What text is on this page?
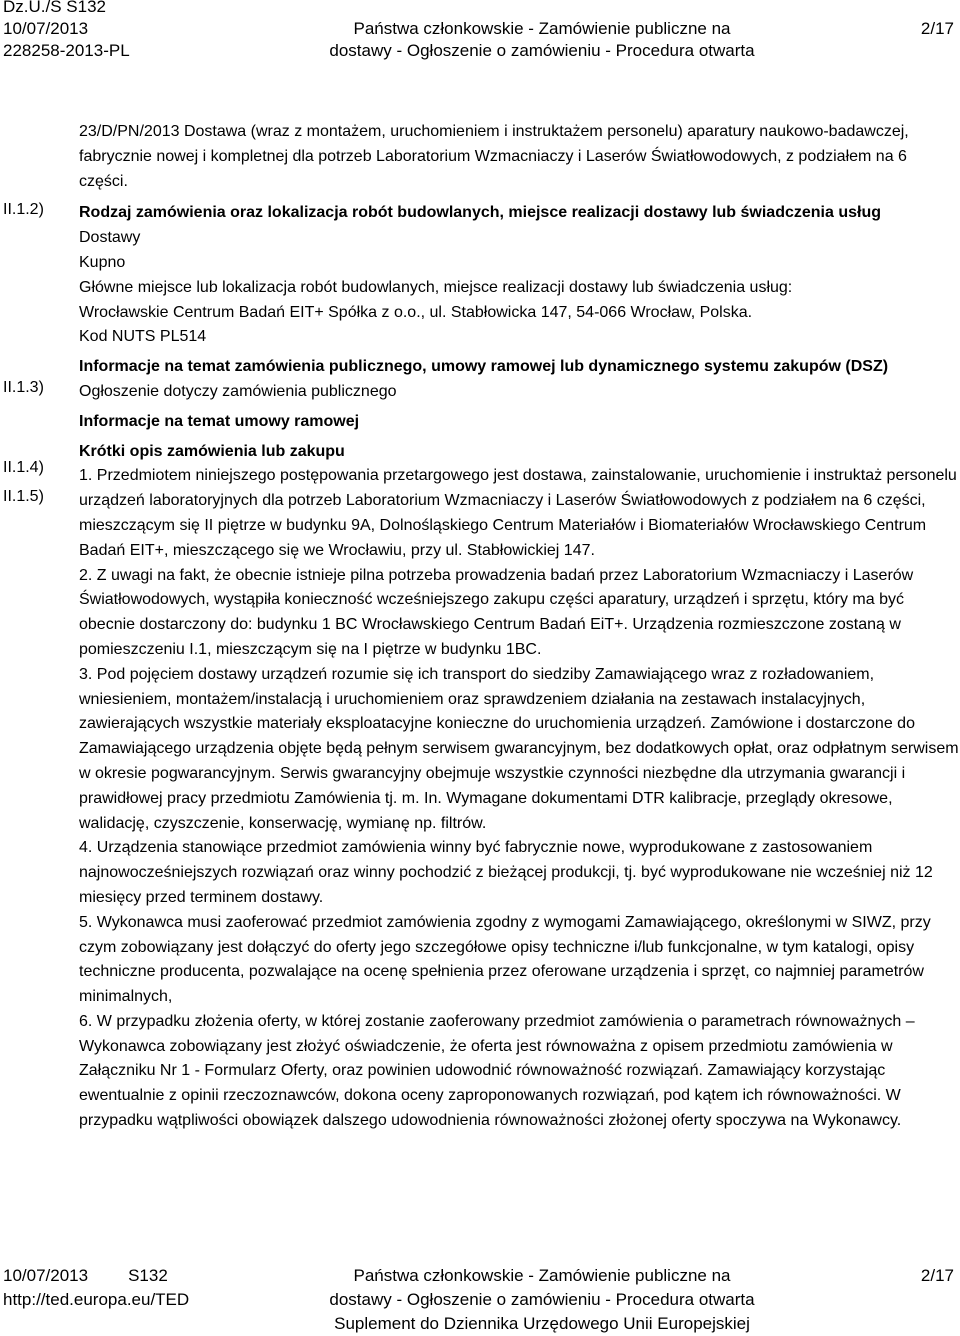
Dz.U./S S132
10/07/2013
228258-2013-PL
Państwa członkowskie - Zamówienie publiczne na
dostawy - Ogłoszenie o zamówieniu - Procedura otwarta
2/17
II.1.2)
II.1.3)
II.1.4)
II.1.5)

23/D/PN/2013 Dostawa (wraz z montażem, uruchomieniem i instruktażem personelu) aparatury naukowo-badawczej, fabrycznie nowej i kompletnej dla potrzeb Laboratorium Wzmacniaczy i Laserów Światłowodowych, z podziałem na 6 części.

Rodzaj zamówienia oraz lokalizacja robót budowlanych, miejsce realizacji dostawy lub świadczenia usług

Dostawy

Kupno

Główne miejsce lub lokalizacja robót budowlanych, miejsce realizacji dostawy lub świadczenia usług:

Wrocławskie Centrum Badań EIT+ Spółka z o.o., ul. Stabłowicka 147, 54-066 Wrocław, Polska.

Kod NUTS PL514

Informacje na temat zamówienia publicznego, umowy ramowej lub dynamicznego systemu zakupów (DSZ)

Ogłoszenie dotyczy zamówienia publicznego

Informacje na temat umowy ramowej

Krótki opis zamówienia lub zakupu

1. Przedmiotem niniejszego postępowania przetargowego jest dostawa, zainstalowanie, uruchomienie i instruktaż personelu urządzeń laboratoryjnych dla potrzeb Laboratorium Wzmacniaczy i Laserów Światłowodowych z podziałem na 6 części, mieszczącym się II piętrze w budynku 9A, Dolnośląskiego Centrum Materiałów i Biomateriałów Wrocławskiego Centrum Badań EIT+, mieszczącego się we Wrocławiu, przy ul. Stabłowickiej 147.

2. Z uwagi na fakt, że obecnie istnieje pilna potrzeba prowadzenia badań przez Laboratorium Wzmacniaczy i Laserów Światłowodowych, wystąpiła konieczność wcześniejszego zakupu części aparatury, urządzeń i sprzętu, który ma być obecnie dostarczony do: budynku 1 BC Wrocławskiego Centrum Badań EiT+. Urządzenia rozmieszczone zostaną w pomieszczeniu I.1, mieszczącym się na I piętrze w budynku 1BC.

3. Pod pojęciem dostawy urządzeń rozumie się ich transport do siedziby Zamawiającego wraz z rozładowaniem, wniesieniem, montażem/instalacją i uruchomieniem oraz sprawdzeniem działania na zestawach instalacyjnych, zawierających wszystkie materiały eksploatacyjne konieczne do uruchomienia urządzeń. Zamówione i dostarczone do Zamawiającego urządzenia objęte będą pełnym serwisem gwarancyjnym, bez dodatkowych opłat, oraz odpłatnym serwisem w okresie pogwarancyjnym. Serwis gwarancyjny obejmuje wszystkie czynności niezbędne dla utrzymania gwarancji i prawidłowej pracy przedmiotu Zamówienia tj. m. In. Wymagane dokumentami DTR kalibracje, przeglądy okresowe, walidację, czyszczenie, konserwację, wymianę np. filtrów.

4. Urządzenia stanowiące przedmiot zamówienia winny być fabrycznie nowe, wyprodukowane z zastosowaniem najnowocześniejszych rozwiązań oraz winny pochodzić z bieżącej produkcji, tj. być wyprodukowane nie wcześniej niż 12 miesięcy przed terminem dostawy.

5. Wykonawca musi zaoferować przedmiot zamówienia zgodny z wymogami Zamawiającego, określonymi w SIWZ, przy czym zobowiązany jest dołączyć do oferty jego szczegółowe opisy techniczne i/lub funkcjonalne, w tym katalogi, opisy techniczne producenta, pozwalające na ocenę spełnienia przez oferowane urządzenia i sprzęt, co najmniej parametrów minimalnych,

6. W przypadku złożenia oferty, w której zostanie zaoferowany przedmiot zamówienia o parametrach równoważnych – Wykonawca zobowiązany jest złożyć oświadczenie, że oferta jest równoważna z opisem przedmiotu zamówienia w Załączniku Nr 1 - Formularz Oferty, oraz powinien udowodnić równoważność rozwiązań. Zamawiający korzystając ewentualnie z opinii rzeczoznawców, dokona oceny zaproponowanych rozwiązań, pod kątem ich równoważności. W przypadku wątpliwości obowiązek dalszego udowodnienia równoważności złożonej oferty spoczywa na Wykonawcy.

10/07/2013 S132
http://ted.europa.eu/TED
Państwa członkowskie - Zamówienie publiczne na
dostawy - Ogłoszenie o zamówieniu - Procedura otwarta
Suplement do Dziennika Urzędowego Unii Europejskiej
2/17
